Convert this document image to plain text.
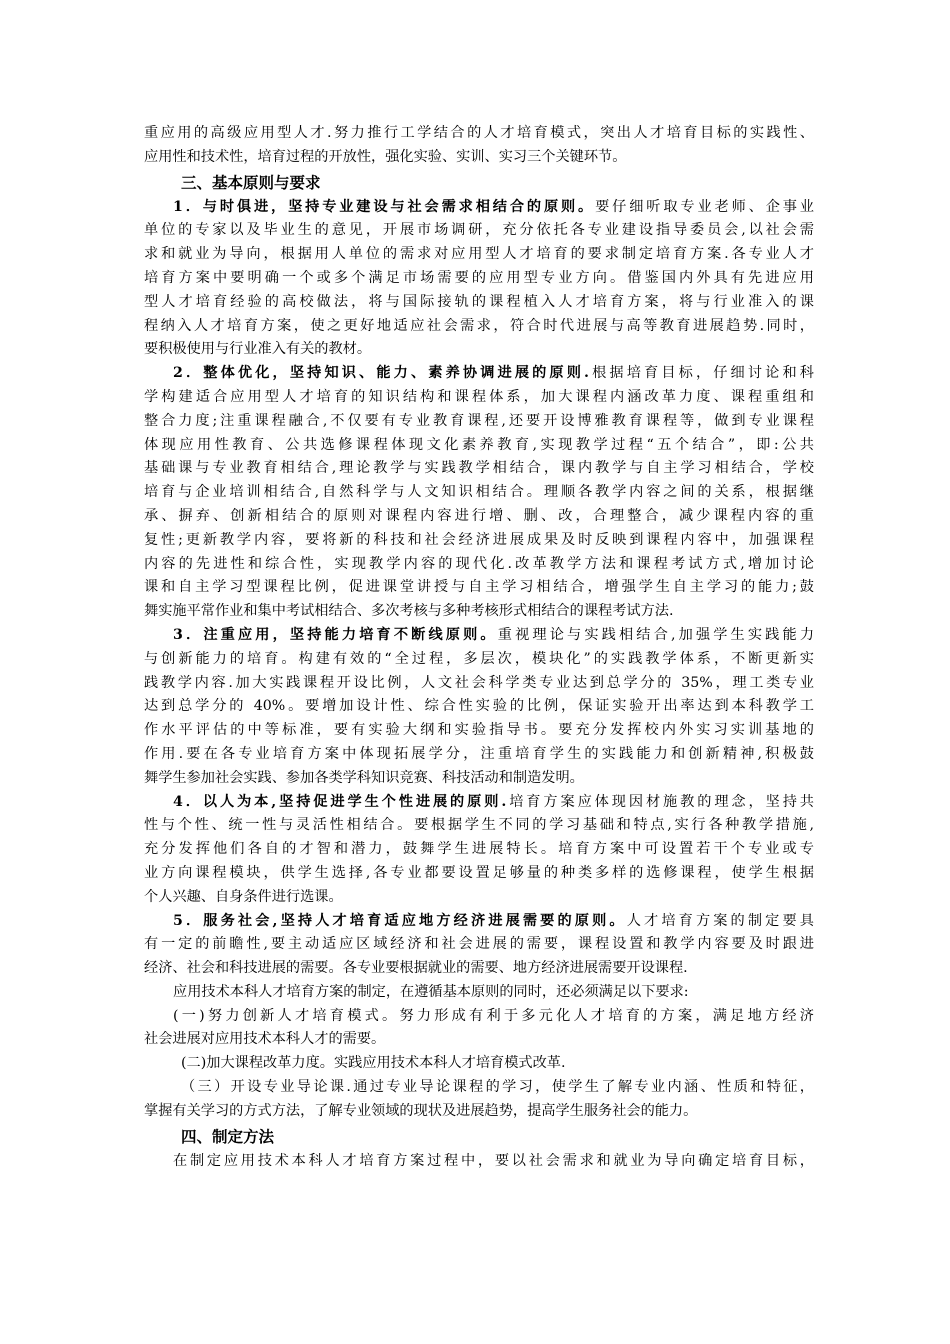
重应用的高级应用型人才.努力推行工学结合的人才培育模式，突出人才培育目标的实践性、
应用性和技术性，培育过程的开放性，强化实验、实训、实习三个关键环节。
三、基本原则与要求
1．与时俱进，坚持专业建设与社会需求相结合的原则。要仔细听取专业老师、企事业
单位的专家以及毕业生的意见，开展市场调研，充分依托各专业建设指导委员会,以社会需
求和就业为导向，根据用人单位的需求对应用型人才培育的要求制定培育方案.各专业人才
培育方案中要明确一个或多个满足市场需要的应用型专业方向。借鉴国内外具有先进应用
型人才培育经验的高校做法，将与国际接轨的课程植入人才培育方案，将与行业准入的课
程纳入人才培育方案，使之更好地适应社会需求，符合时代进展与高等教育进展趋势.同时，
要积极使用与行业准入有关的教材。
2．整体优化，坚持知识、能力、素养协调进展的原则.根据培育目标，仔细讨论和科
学构建适合应用型人才培育的知识结构和课程体系，加大课程内涵改革力度、课程重组和
整合力度;注重课程融合,不仅要有专业教育课程,还要开设博雅教育课程等，做到专业课程
体现应用性教育、公共选修课程体现文化素养教育,实现教学过程“五个结合”，即:公共
基础课与专业教育相结合,理论教学与实践教学相结合，课内教学与自主学习相结合，学校
培育与企业培训相结合,自然科学与人文知识相结合。理顺各教学内容之间的关系，根据继
承、摒弃、创新相结合的原则对课程内容进行增、删、改，合理整合，减少课程内容的重
复性;更新教学内容，要将新的科技和社会经济进展成果及时反映到课程内容中，加强课程
内容的先进性和综合性，实现教学内容的现代化.改革教学方法和课程考试方式,增加讨论
课和自主学习型课程比例，促进课堂讲授与自主学习相结合，增强学生自主学习的能力;鼓
舞实施平常作业和集中考试相结合、多次考核与多种考核形式相结合的课程考试方法.
3．注重应用，坚持能力培育不断线原则。重视理论与实践相结合,加强学生实践能力
与创新能力的培育。构建有效的“全过程，多层次，模块化”的实践教学体系，不断更新实
践教学内容.加大实践课程开设比例，人文社会科学类专业达到总学分的 35%，理工类专业
达到总学分的 40%。要增加设计性、综合性实验的比例，保证实验开出率达到本科教学工
作水平评估的中等标准，要有实验大纲和实验指导书。要充分发挥校内外实习实训基地的
作用.要在各专业培育方案中体现拓展学分，注重培育学生的实践能力和创新精神,积极鼓
舞学生参加社会实践、参加各类学科知识竞赛、科技活动和制造发明。
4．以人为本,坚持促进学生个性进展的原则.培育方案应体现因材施教的理念，坚持共
性与个性、统一性与灵活性相结合。要根据学生不同的学习基础和特点,实行各种教学措施,
充分发挥他们各自的才智和潜力，鼓舞学生进展特长。培育方案中可设置若干个专业或专
业方向课程模块，供学生选择,各专业都要设置足够量的种类多样的选修课程，使学生根据
个人兴趣、自身条件进行选课。
5．服务社会,坚持人才培育适应地方经济进展需要的原则。人才培育方案的制定要具
有一定的前瞻性,要主动适应区域经济和社会进展的需要，课程设置和教学内容要及时跟进
经济、社会和科技进展的需要。各专业要根据就业的需要、地方经济进展需要开设课程.
应用技术本科人才培育方案的制定，在遵循基本原则的同时，还必须满足以下要求:
(一)努力创新人才培育模式。努力形成有利于多元化人才培育的方案，满足地方经济
社会进展对应用技术本科人才的需要。
(二)加大课程改革力度。实践应用技术本科人才培育模式改革.
（三）开设专业导论课.通过专业导论课程的学习，使学生了解专业内涵、性质和特征，
掌握有关学习的方式方法，了解专业领域的现状及进展趋势，提高学生服务社会的能力。
四、制定方法
在制定应用技术本科人才培育方案过程中，要以社会需求和就业为导向确定培育目标，
